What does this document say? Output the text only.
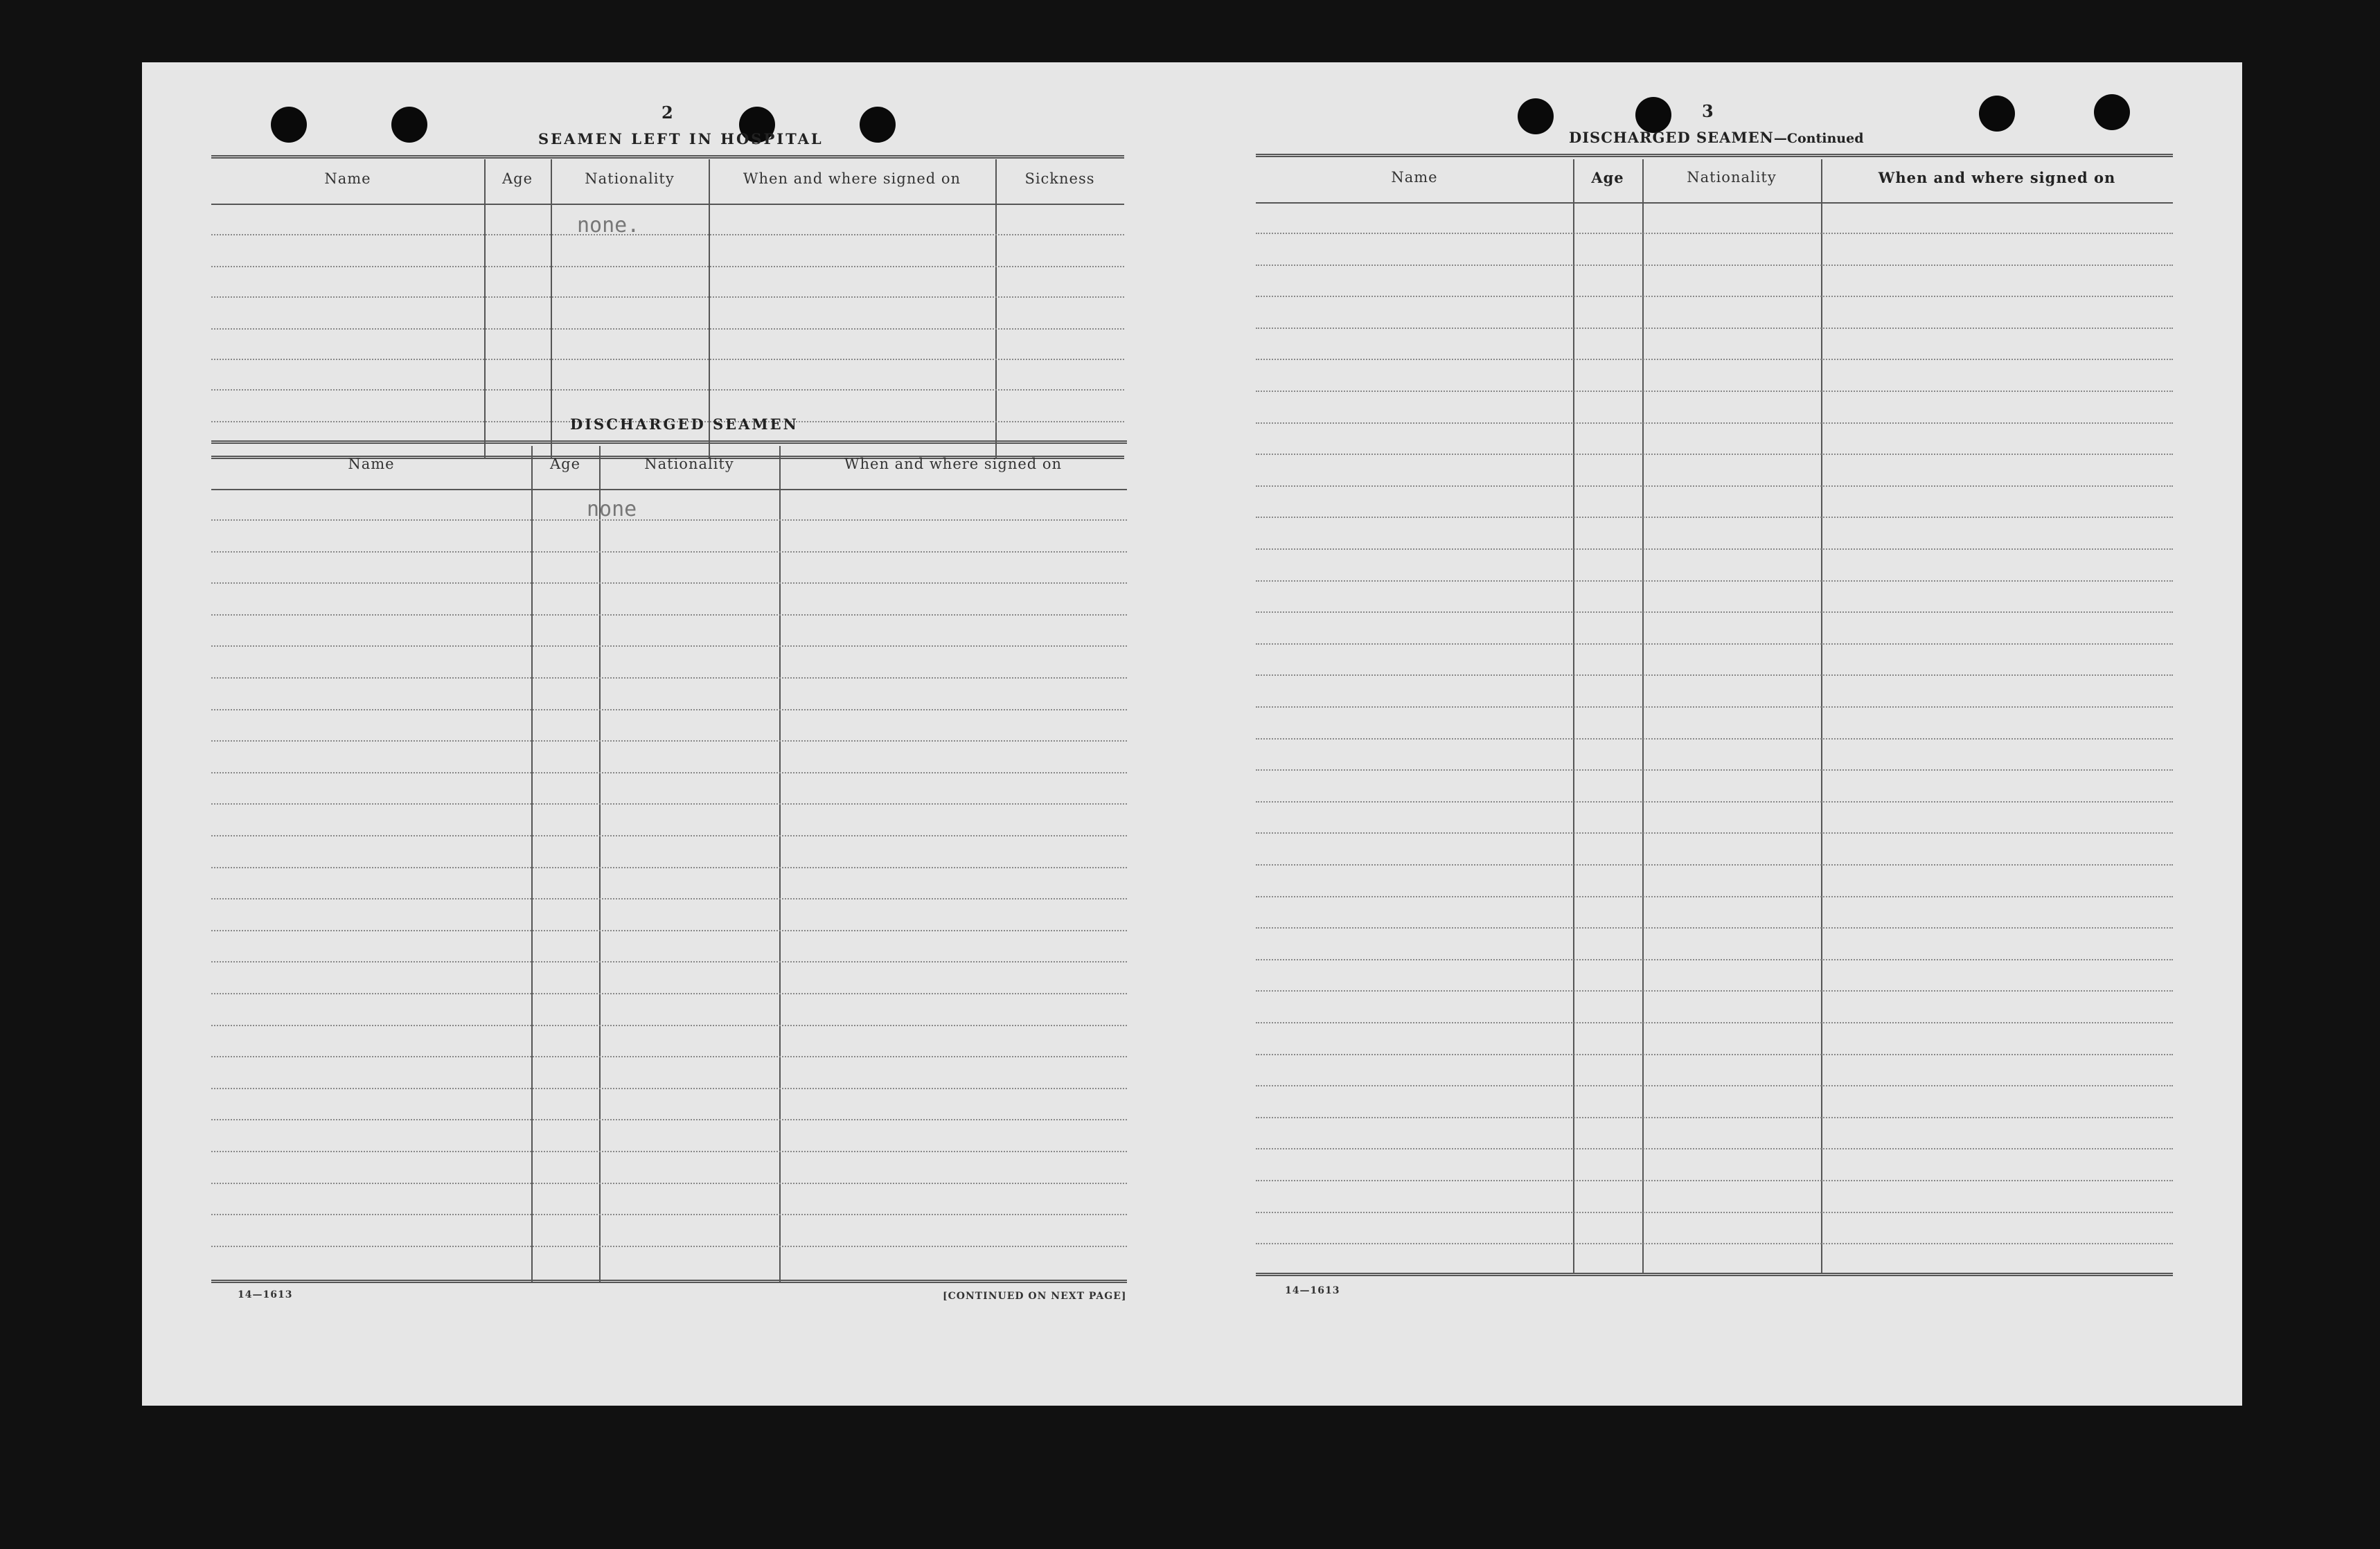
2
SEAMEN LEFT IN HOSPITAL
Name	Age	Nationality	When and where signed on	Sickness
none.
DISCHARGED SEAMEN
Name	Age	Nationality	When and where signed on
none
14—1613	[CONTINUED ON NEXT PAGE]
3
DISCHARGED SEAMEN—Continued
Name	Age	Nationality	When and where signed on
14—1613
